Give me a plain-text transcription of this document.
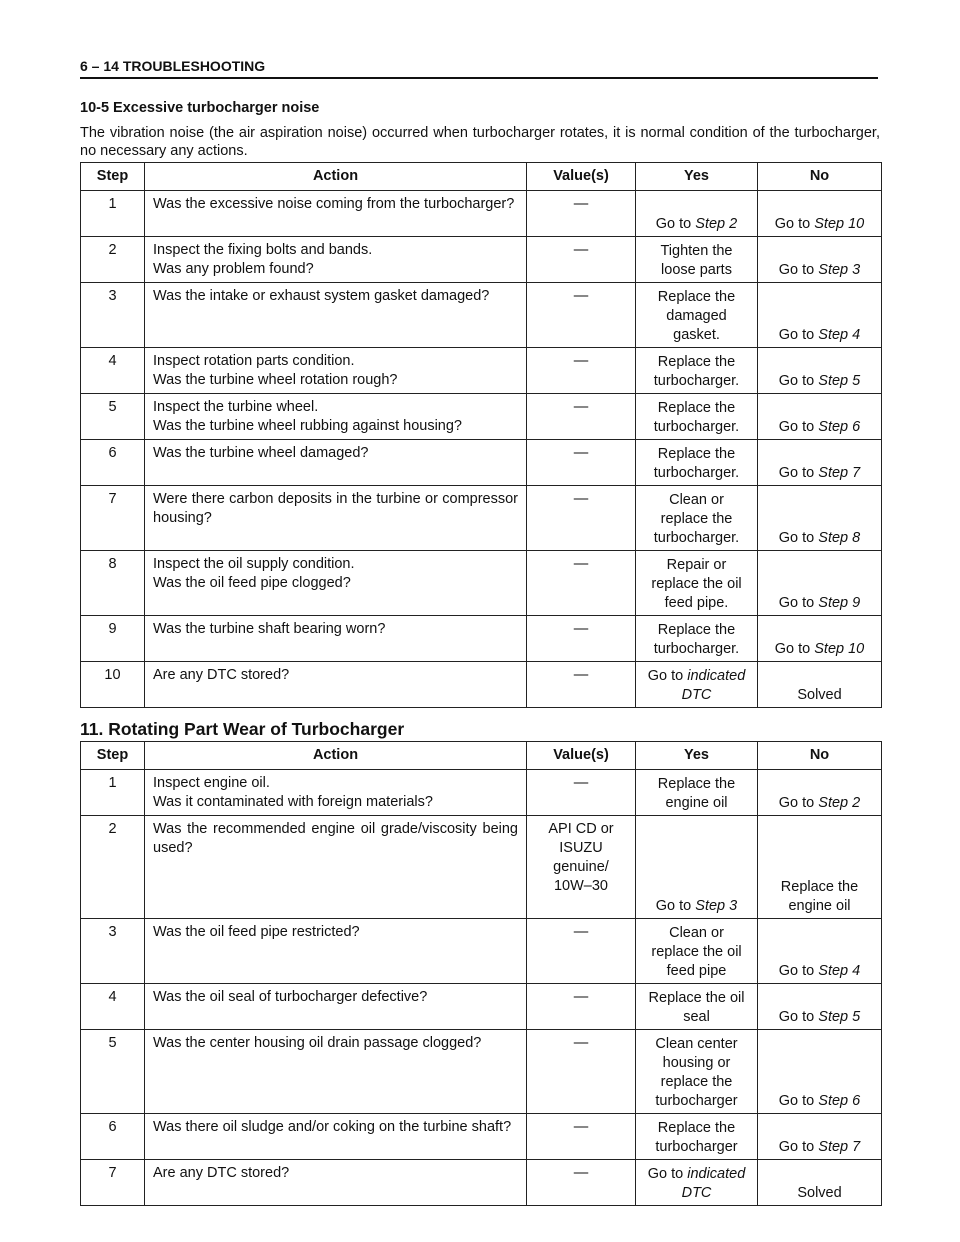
6 – 14 TROUBLESHOOTING
10-5 Excessive turbocharger noise
The vibration noise (the air aspiration noise) occurred when turbocharger rotates, it is normal condition of the turbocharger, no necessary any actions.
Step	Action	Value(s)	Yes	No
1	Was the excessive noise coming from the turbocharger?	—	Go to Step 2	Go to Step 10
2	Inspect the fixing bolts and bands.
Was any problem found?	—	Tighten the
loose parts	Go to Step 3
3	Was the intake or exhaust system gasket damaged?	—	Replace the
damaged
gasket.	Go to Step 4
4	Inspect rotation parts condition.
Was the turbine wheel rotation rough?	—	Replace the
turbocharger.	Go to Step 5
5	Inspect the turbine wheel.
Was the turbine wheel rubbing against housing?	—	Replace the
turbocharger.	Go to Step 6
6	Was the turbine wheel damaged?	—	Replace the
turbocharger.	Go to Step 7
7	Were there carbon deposits in the turbine or compressor housing?	—	Clean or
replace the
turbocharger.	Go to Step 8
8	Inspect the oil supply condition.
Was the oil feed pipe clogged?	—	Repair or
replace the oil
feed pipe.	Go to Step 9
9	Was the turbine shaft bearing worn?	—	Replace the
turbocharger.	Go to Step 10
10	Are any DTC stored?	—	Go to indicated
DTC	Solved
11. Rotating Part Wear of Turbocharger
Step	Action	Value(s)	Yes	No
1	Inspect engine oil.
Was it contaminated with foreign materials?	—	Replace the
engine oil	Go to Step 2
2	Was the recommended engine oil grade/viscosity being used?	API CD or
ISUZU
genuine/
10W–30	Go to Step 3	Replace the
engine oil
3	Was the oil feed pipe restricted?	—	Clean or
replace the oil
feed pipe	Go to Step 4
4	Was the oil seal of turbocharger defective?	—	Replace the oil
seal	Go to Step 5
5	Was the center housing oil drain passage clogged?	—	Clean center
housing or
replace the
turbocharger	Go to Step 6
6	Was there oil sludge and/or coking on the turbine shaft?	—	Replace the
turbocharger	Go to Step 7
7	Are any DTC stored?	—	Go to indicated
DTC	Solved
